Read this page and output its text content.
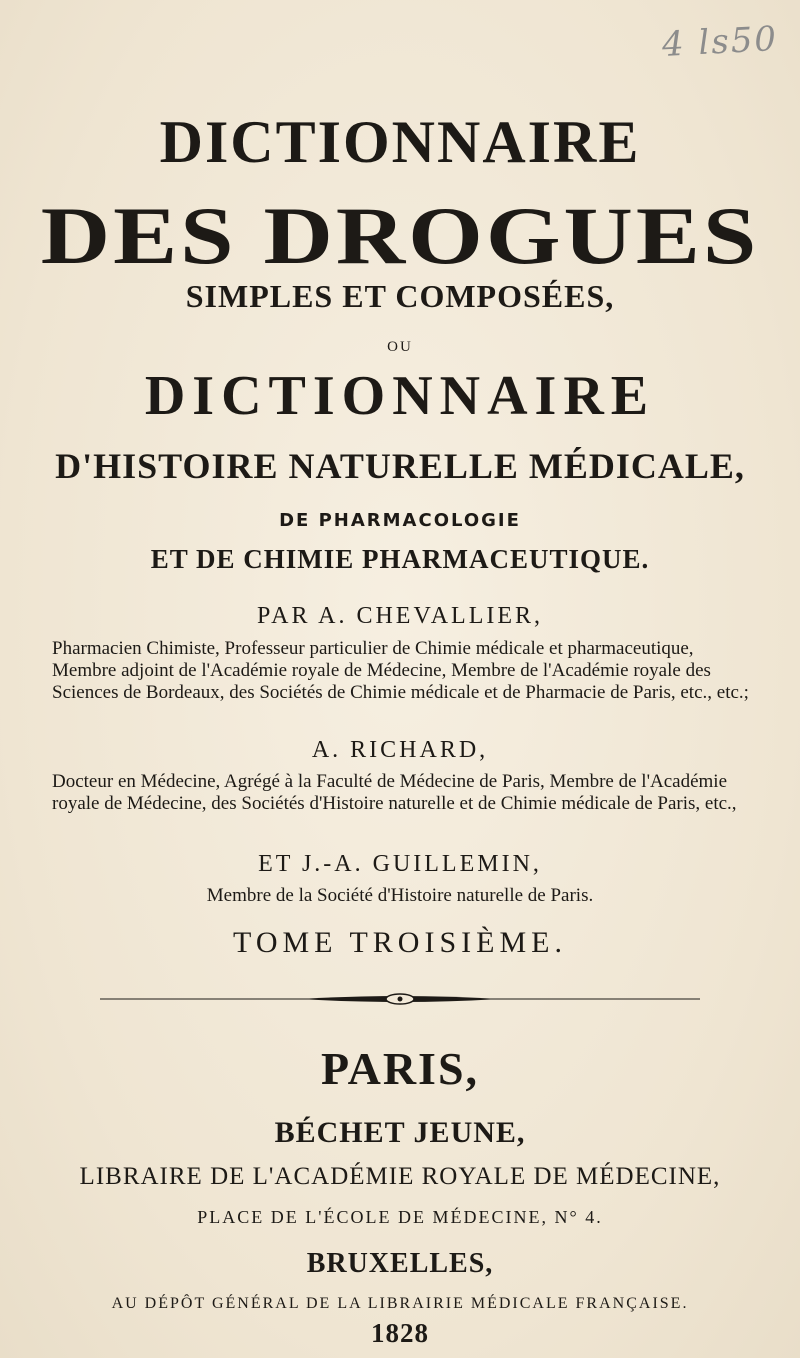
4 ls50
DICTIONNAIRE
DES DROGUES
SIMPLES ET COMPOSÉES,
OU
DICTIONNAIRE
D'HISTOIRE NATURELLE MÉDICALE,
DE PHARMACOLOGIE
ET DE CHIMIE PHARMACEUTIQUE.
PAR A. CHEVALLIER,
Pharmacien Chimiste, Professeur particulier de Chimie médicale et pharmaceutique, Membre adjoint de l'Académie royale de Médecine, Membre de l'Académie royale des Sciences de Bordeaux, des Sociétés de Chimie médicale et de Pharmacie de Paris, etc., etc.;
A. RICHARD,
Docteur en Médecine, Agrégé à la Faculté de Médecine de Paris, Membre de l'Académie royale de Médecine, des Sociétés d'Histoire naturelle et de Chimie médicale de Paris, etc.,
ET J.-A. GUILLEMIN,
Membre de la Société d'Histoire naturelle de Paris.
TOME TROISIÈME.
PARIS,
BÉCHET JEUNE,
LIBRAIRE DE L'ACADÉMIE ROYALE DE MÉDECINE,
PLACE DE L'ÉCOLE DE MÉDECINE, N° 4.
BRUXELLES,
AU DÉPÔT GÉNÉRAL DE LA LIBRAIRIE MÉDICALE FRANÇAISE.
1828
